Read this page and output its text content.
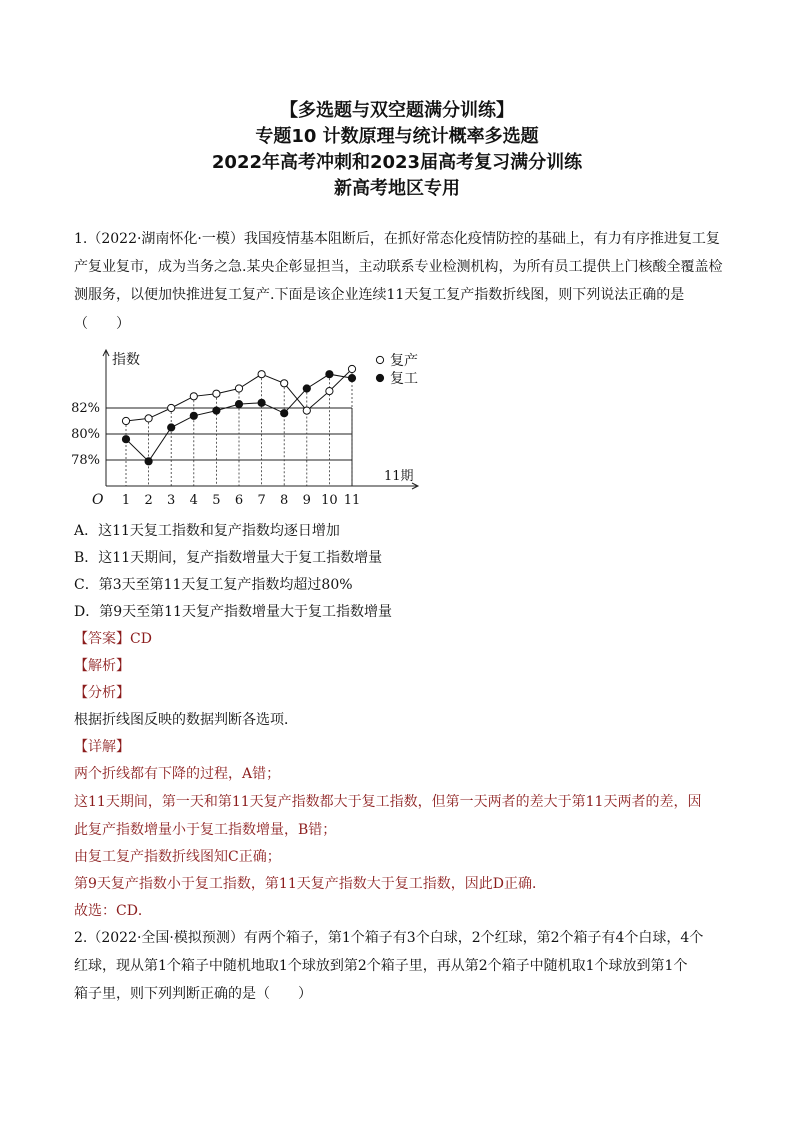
【多选题与双空题满分训练】
专题10 计数原理与统计概率多选题
2022年高考冲刺和2023届高考复习满分训练
新高考地区专用
1.（2022·湖南怀化·一模）我国疫情基本阻断后，在抓好常态化疫情防控的基础上，有力有序推进复工复
产复业复市，成为当务之急.某央企彰显担当，主动联系专业检测机构，为所有员工提供上门核酸全覆盖检
测服务，以便加快推进复工复产.下面是该企业连续11天复工复产指数折线图，则下列说法正确的是
（　　）
78%
80%
82%
1 2 3 4 5 6 7 8 9 10 11
指数
11期
O
复产
复工
A．这11天复工指数和复产指数均逐日增加
B．这11天期间，复产指数增量大于复工指数增量
C．第3天至第11天复工复产指数均超过80%
D．第9天至第11天复产指数增量大于复工指数增量
【答案】CD
【解析】
【分析】
根据折线图反映的数据判断各选项．
【详解】
两个折线都有下降的过程，A错；
这11天期间，第一天和第11天复产指数都大于复工指数，但第一天两者的差大于第11天两者的差，因
此复产指数增量小于复工指数增量，B错；
由复工复产指数折线图知C正确；
第9天复产指数小于复工指数，第11天复产指数大于复工指数，因此D正确．
故选：CD．
2.（2022·全国·模拟预测）有两个箱子，第1个箱子有3个白球，2个红球，第2个箱子有4个白球，4个
红球，现从第1个箱子中随机地取1个球放到第2个箱子里，再从第2个箱子中随机取1个球放到第1个
箱子里，则下列判断正确的是（　　）
